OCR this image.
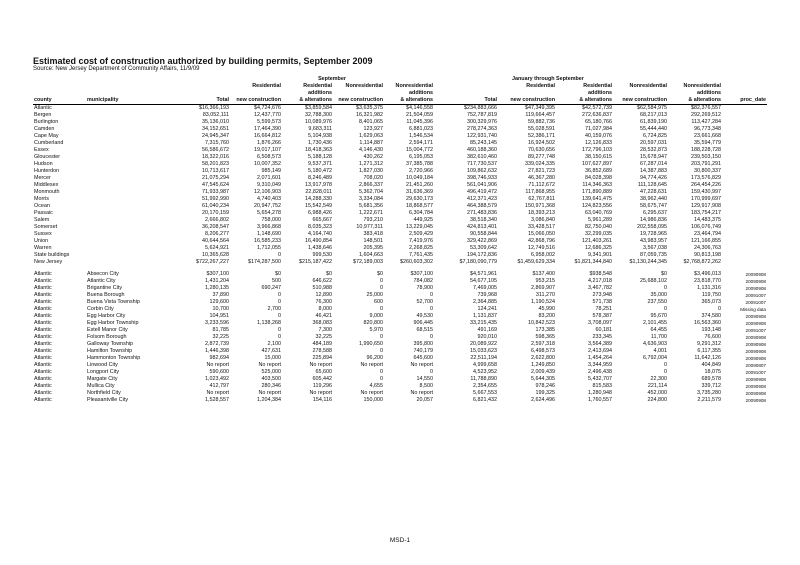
Estimated cost of construction authorized by building permits, September 2009
Source: New Jersey Department of Community Affairs, 11/9/09
			September					January through September				
			Residential	Residential	Nonresidential	Nonresidential		Residential	Residential	Nonresidential	Nonresidential	
				additions		additions			additions		additions	
county	municipality	Total	new construction	& alterations	new construction	& alterations	Total	new construction	& alterations	new construction	& alterations	proc_date
Atlantic		$16,366,193	$4,724,676	$3,859,584	$3,635,375	$4,146,558	$234,883,666	$47,349,395	$42,572,739	$62,584,975	$82,376,557	
Bergen		83,052,111	12,437,770	32,788,300	16,321,982	21,504,059	752,787,819	119,664,457	272,636,837	68,217,013	292,269,512	
Burlington		35,136,010	5,599,573	10,089,976	8,401,065	11,045,396	300,329,976	59,882,736	65,180,766	61,839,190	113,427,284	
Camden		34,152,651	17,464,390	9,683,311	123,927	6,881,023	278,274,363	55,028,591	71,027,984	55,444,440	96,773,348	
Cape May		24,945,347	16,664,812	5,104,938	1,629,063	1,546,534	122,931,740	52,386,171	40,159,076	6,724,825	23,661,668	
Cumberland		7,315,760	1,876,266	1,730,436	1,114,887	2,594,171	85,243,145	16,924,502	12,126,833	20,597,031	35,594,779	
Essex		56,586,672	19,017,107	18,418,363	4,146,430	15,004,772	460,188,360	70,630,656	172,796,103	28,532,873	188,228,728	
Gloucester		18,322,016	6,508,573	5,188,128	430,262	6,195,053	382,610,460	89,277,748	38,150,615	15,678,947	239,503,150	
Hudson		58,201,823	10,007,352	9,537,371	1,271,312	37,385,788	717,730,537	339,024,335	107,627,897	67,287,014	203,791,291	
Hunterdon		10,713,617	985,149	5,180,472	1,827,030	2,720,966	109,862,632	27,821,723	36,852,689	14,387,883	30,800,337	
Mercer		21,075,294	2,071,601	8,246,489	708,020	10,049,184	398,746,933	46,367,280	84,028,398	94,774,426	173,576,829	
Middlesex		47,545,624	9,310,049	13,917,978	2,866,337	21,451,260	561,041,906	71,112,672	114,346,363	111,128,645	264,454,226	
Monmouth		71,933,987	12,106,903	22,828,011	5,362,704	31,636,369	496,419,472	117,868,955	171,890,889	47,228,631	159,430,997	
Morris		51,992,990	4,740,403	14,288,330	3,334,084	29,630,173	412,371,423	62,767,811	139,641,475	38,962,440	170,999,697	
Ocean		61,040,234	20,947,752	15,542,549	5,681,356	18,868,577	464,388,579	150,971,368	124,823,556	58,675,747	129,917,908	
Passaic		20,170,159	5,654,278	6,988,426	1,222,671	6,304,784	271,483,836	18,393,213	63,040,769	6,295,637	183,754,217	
Salem		2,666,802	758,000	665,667	793,210	449,925	38,518,340	3,086,840	5,961,289	14,986,836	14,483,375	
Somerset		36,208,547	3,966,868	8,035,323	10,977,311	13,229,045	424,813,401	33,428,517	82,750,040	202,558,095	106,076,749	
Sussex		8,206,277	1,148,690	4,164,740	383,418	2,509,429	90,558,844	15,066,050	32,299,035	19,728,965	23,464,794	
Union		40,644,564	16,585,233	16,490,854	148,501	7,419,976	329,422,869	42,868,796	121,403,261	43,983,957	121,166,855	
Warren		5,624,921	1,712,055	1,438,646	205,395	2,268,825	53,309,642	12,749,516	12,686,325	3,567,038	24,306,763	
State buildings		10,365,628	0	999,530	1,604,663	7,761,435	194,172,836	6,958,002	9,341,901	87,059,735	90,813,198	
New Jersey		$722,267,227	$174,287,500	$215,187,422	$72,189,003	$260,603,302	$7,180,090,779	$1,459,629,334	$1,821,344,840	$1,130,244,345	$2,768,872,262	

Atlantic	Absecon City	$307,100	$0	$0	$0	$307,100	$4,571,961	$137,400	$938,548	$0	$3,496,013	20090908
Atlantic	Atlantic City	1,431,204	500	646,622	0	784,082	54,677,105	953,215	4,217,018	25,688,102	23,818,770	20090908
Atlantic	Brigantine City	1,280,135	690,247	510,988	0	78,900	7,469,005	2,869,907	3,467,782	0	1,131,316	20090908
Atlantic	Buena Borough	37,890	0	12,890	25,000	0	739,968	311,270	273,948	35,000	119,750	20091007
Atlantic	Buena Vista Township	129,600	0	76,300	600	52,700	2,364,885	1,190,524	571,738	237,550	365,073	20091007
Atlantic	Corbin City	10,700	2,700	8,000	0	0	124,241	45,990	78,251	0	0	Missing data
Atlantic	Egg Harbor City	104,951	0	46,421	9,000	49,530	1,131,837	83,200	578,387	95,670	374,580	20090908
Atlantic	Egg Harbor Township	3,233,596	1,138,268	368,083	820,800	906,445	33,215,435	10,842,523	3,708,097	2,101,455	16,563,360	20090908
Atlantic	Estell Manor City	81,785	0	7,300	5,970	68,515	491,169	173,385	60,181	64,455	193,148	20091007
Atlantic	Folsom Borough	32,225	0	32,225	0	0	920,010	598,365	233,345	11,700	76,600	20090908
Atlantic	Galloway Township	2,872,739	2,100	484,189	1,990,650	395,800	20,089,922	2,597,318	3,564,389	4,636,903	9,291,312	20090908
Atlantic	Hamilton Township	1,446,398	427,631	278,588	0	740,179	15,033,623	6,498,573	2,413,694	4,001	6,117,355	20090908
Atlantic	Hammonton Township	982,694	15,000	225,894	96,200	645,600	22,511,194	2,622,800	1,454,264	6,792,004	11,642,126	20090908
Atlantic	Linwood City	No report	No report	No report	No report	No report	4,999,658	1,249,850	3,344,959	0	404,849	20090807
Atlantic	Longport City	590,600	525,000	65,600	0	0	4,523,952	2,009,439	2,496,438	0	18,075	20091007
Atlantic	Margate City	1,023,492	403,500	605,442	0	14,550	11,788,890	5,644,305	5,432,707	22,300	689,578	20090908
Atlantic	Mullica City	412,797	280,346	119,296	4,655	8,500	2,354,655	978,246	815,583	221,114	339,712	20090908
Atlantic	Northfield City	No report	No report	No report	No report	No report	5,667,553	199,325	1,280,948	452,000	3,735,280	20090908
Atlantic	Pleasantville City	1,528,557	1,204,384	154,116	150,000	20,057	6,821,432	2,624,496	1,760,557	224,800	2,211,579	20090908
MSD-1
